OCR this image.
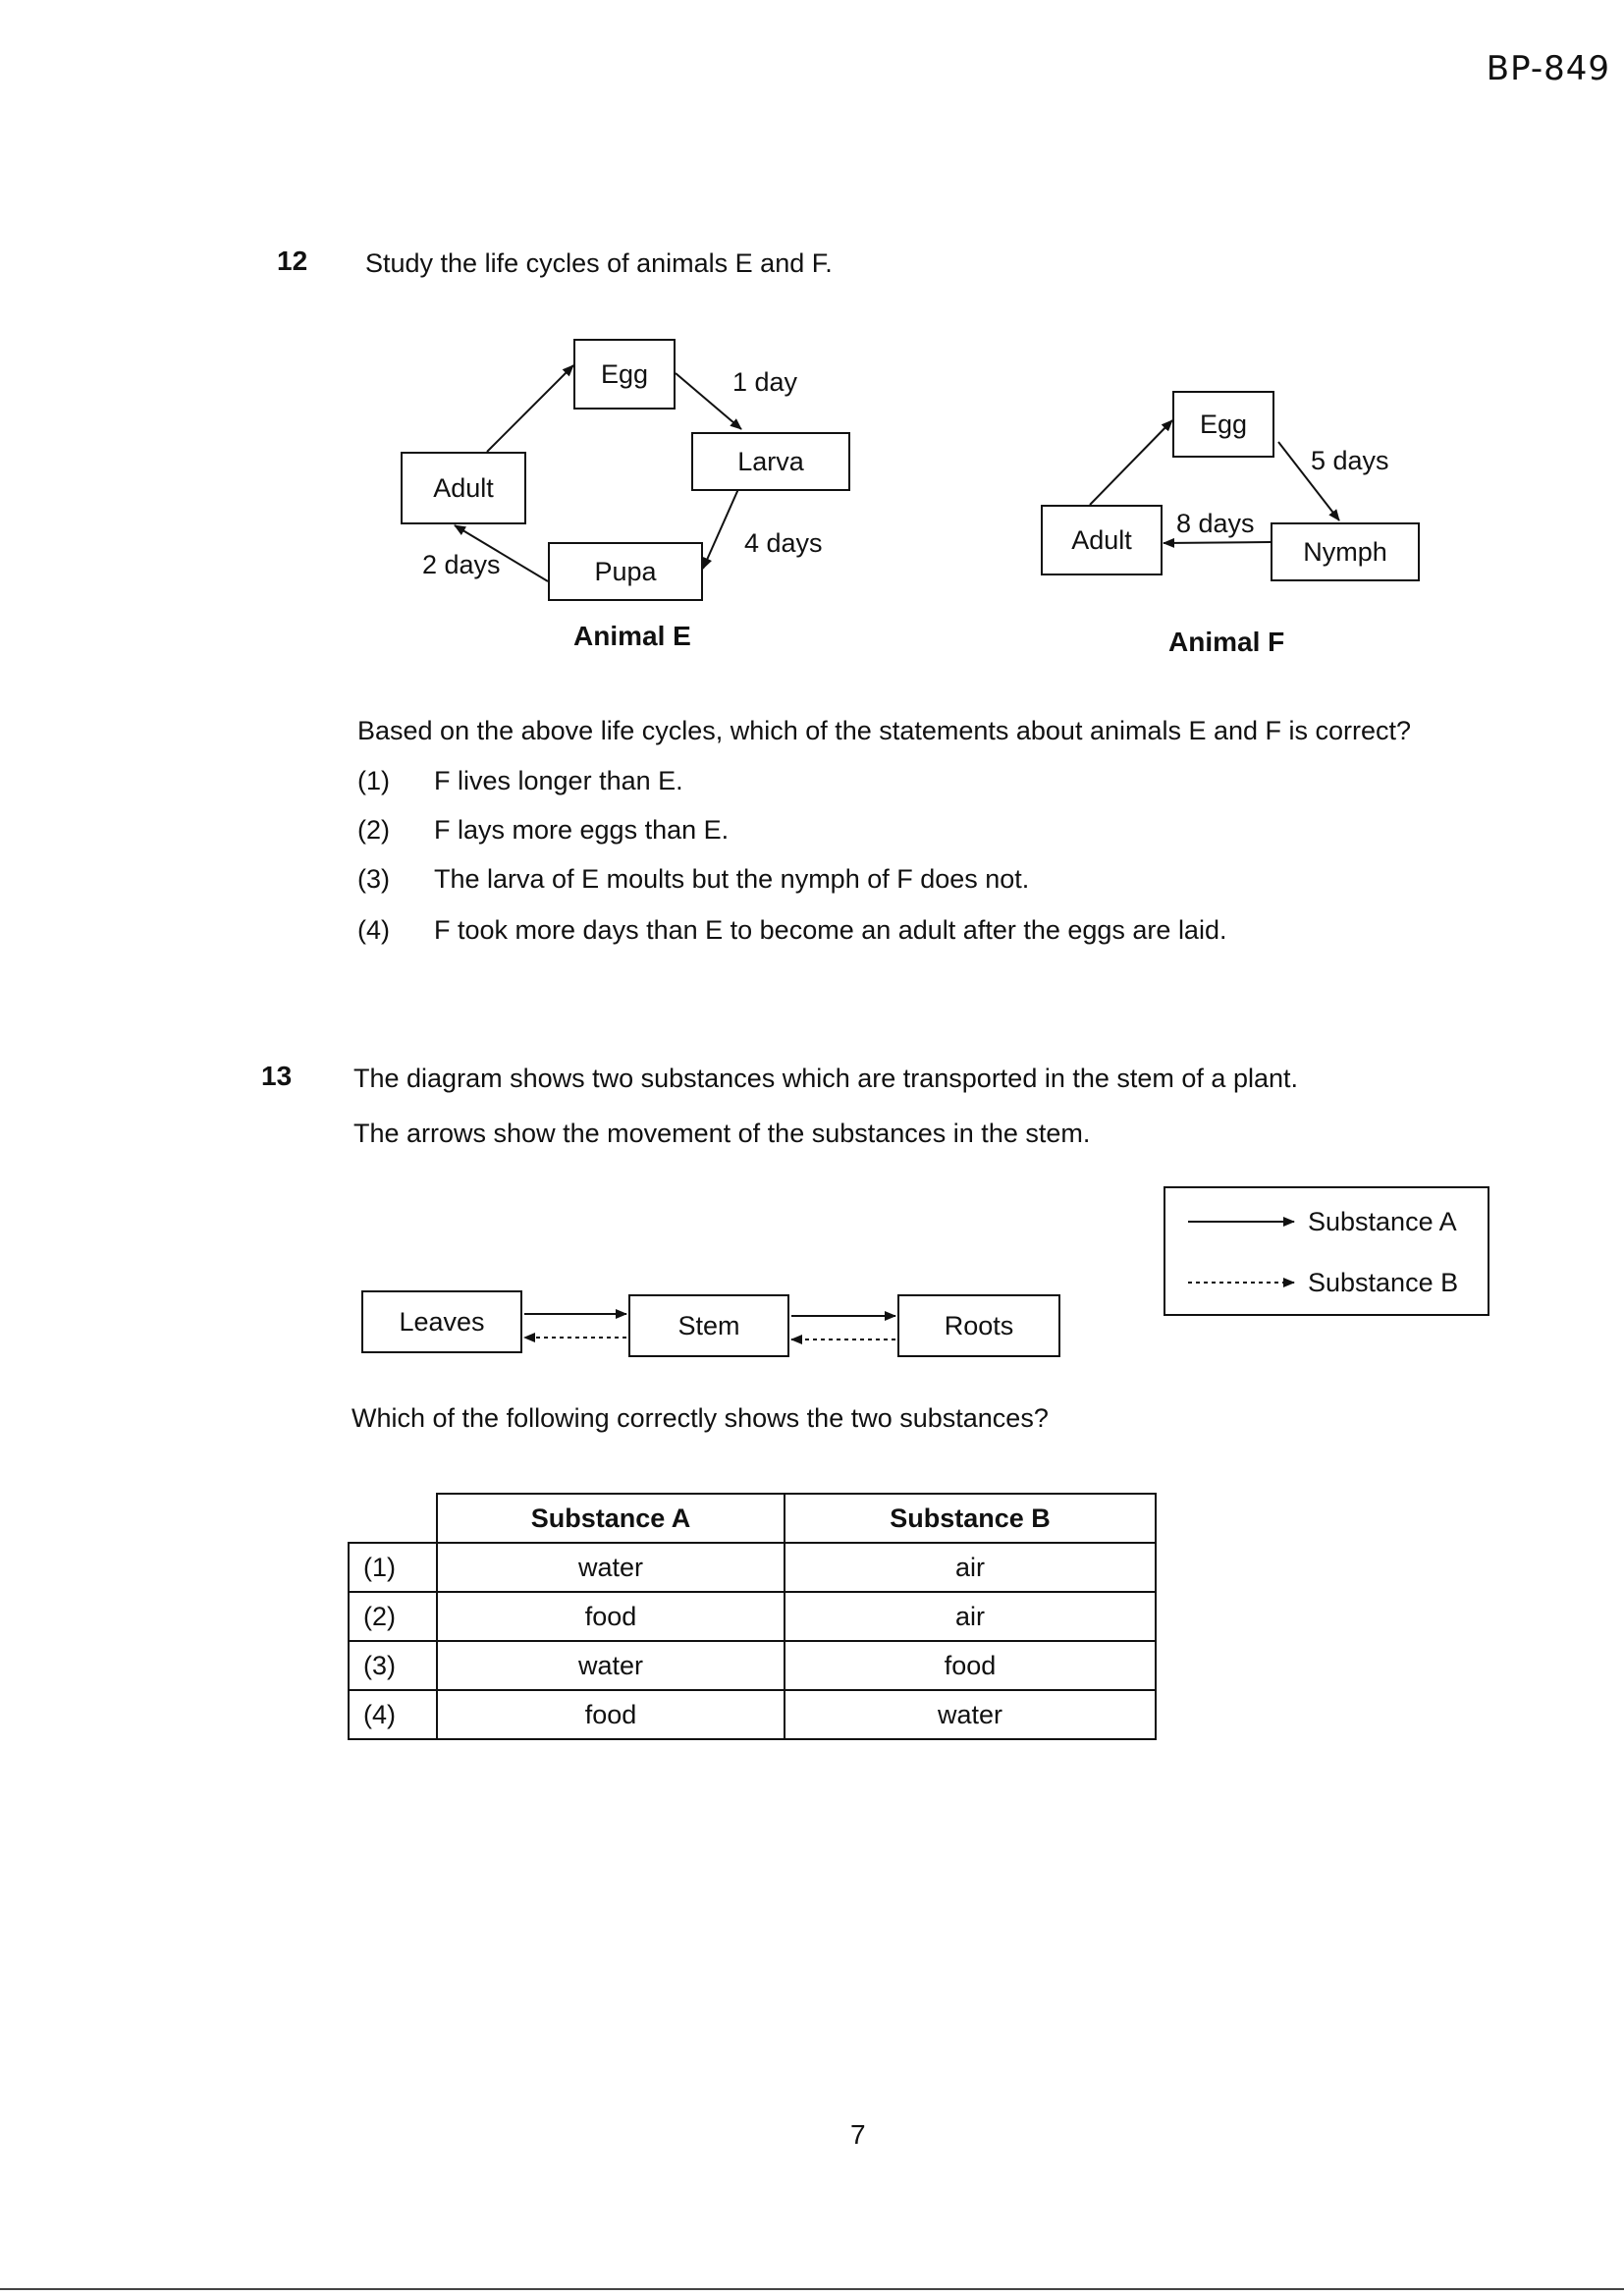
BP-849
12 Study the life cycles of animals E and F.
Egg
Larva
Pupa
Adult
1 day
4 days
2 days
Animal E
Egg
Nymph
Adult
5 days
8 days
Animal F
Based on the above life cycles, which of the statements about animals E and F is correct?
(1) F lives longer than E.
(2) F lays more eggs than E.
(3) The larva of E moults but the nymph of F does not.
(4) F took more days than E to become an adult after the eggs are laid.
13 The diagram shows two substances which are transported in the stem of a plant.
The arrows show the movement of the substances in the stem.
Substance A
Substance B
Leaves	Stem	Roots
Which of the following correctly shows the two substances?
	Substance A	Substance B
(1)	water	air
(2)	food	air
(3)	water	food
(4)	food	water
7
